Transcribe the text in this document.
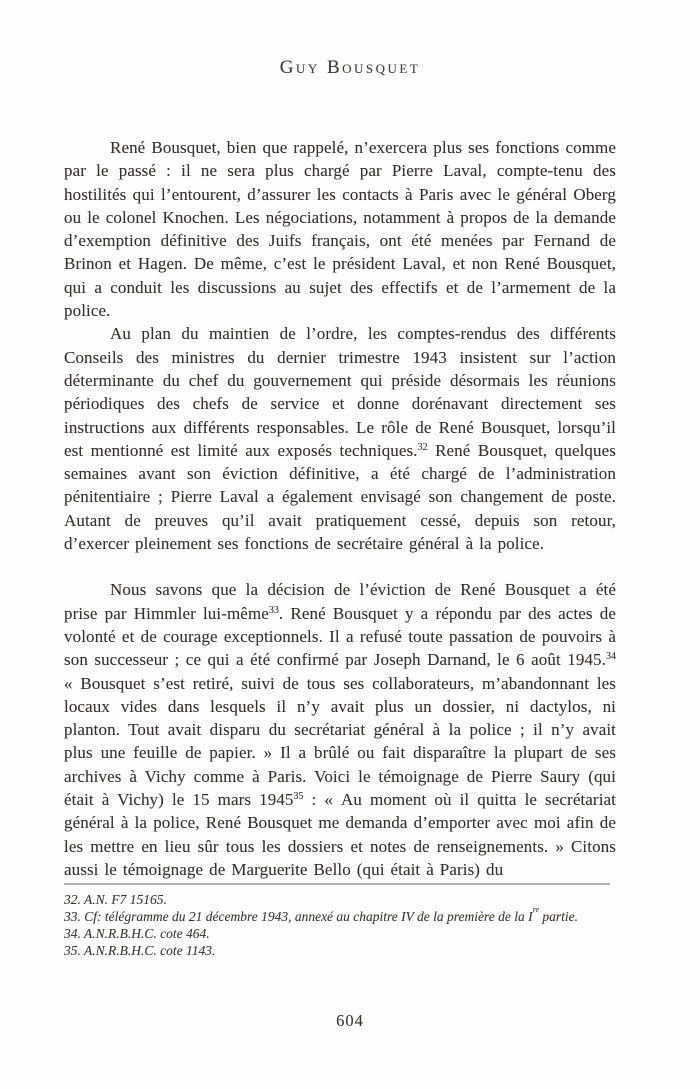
Guy Bousquet

René Bousquet, bien que rappelé, n’exercera plus ses fonctions comme par le passé : il ne sera plus chargé par Pierre Laval, compte-tenu des hostilités qui l’entourent, d’assurer les contacts à Paris avec le général Oberg ou le colonel Knochen. Les négociations, notamment à propos de la demande d’exemption définitive des Juifs français, ont été menées par Fernand de Brinon et Hagen. De même, c’est le président Laval, et non René Bousquet, qui a conduit les discussions au sujet des effectifs et de l’armement de la police.

Au plan du maintien de l’ordre, les comptes-rendus des différents Conseils des ministres du dernier trimestre 1943 insistent sur l’action déterminante du chef du gouvernement qui préside désormais les réunions périodiques des chefs de service et donne dorénavant directement ses instructions aux différents responsables. Le rôle de René Bousquet, lorsqu’il est mentionné est limité aux exposés techniques.$^{32}$ René Bousquet, quelques semaines avant son éviction définitive, a été chargé de l’administration pénitentiaire ; Pierre Laval a également envisagé son changement de poste. Autant de preuves qu’il avait pratiquement cessé, depuis son retour, d’exercer pleinement ses fonctions de secrétaire général à la police.

Nous savons que la décision de l’éviction de René Bousquet a été prise par Himmler lui-même$^{33}$. René Bousquet y a répondu par des actes de volonté et de courage exceptionnels. Il a refusé toute passation de pouvoirs à son successeur ; ce qui a été confirmé par Joseph Darnand, le 6 août 1945.34 « Bousquet s’est retiré, suivi de tous ses collaborateurs, m’abandonnant les locaux vides dans lesquels il n’y avait plus un dossier, ni dactylos, ni planton. Tout avait disparu du secrétariat général à la police ; il n’y avait plus une feuille de papier. » Il a brûlé ou fait disparaître la plupart de ses archives à Vichy comme à Paris. Voici le témoignage de Pierre Saury (qui était à Vichy) le 15 mars 1945$^{35}$ : « Au moment où il quitta le secrétariat général à la police, René Bousquet me demanda d’emporter avec moi afin de les mettre en lieu sûr tous les dossiers et notes de renseignements. » Citons aussi le témoignage de Marguerite Bello (qui était à Paris) du

32. A.N. F7 15165.

33. Cf: télégramme du 21 décembre 1943, annexé au chapitre IV de la première de la Ire partie.

34. A.N.R.B.H.C. cote 464.

35. A.N.R.B.H.C. cote 1143.

604
